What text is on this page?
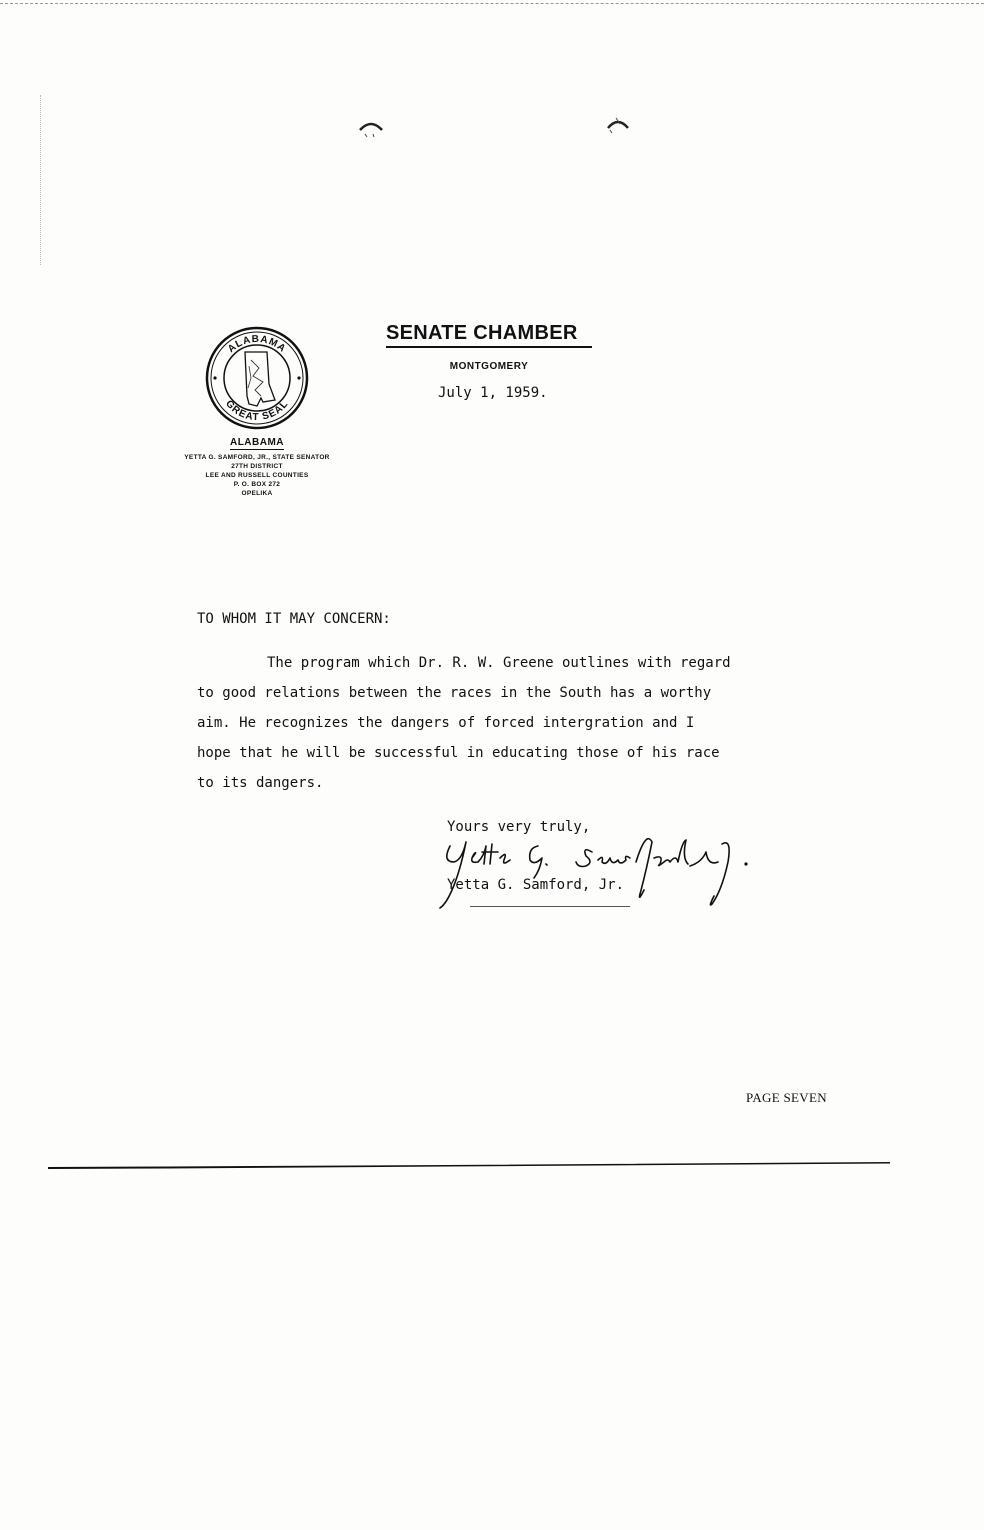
ALABAMA
GREAT SEAL
ALABAMA
YETTA G. SAMFORD, JR., STATE SENATOR
27TH DISTRICT
LEE AND RUSSELL COUNTIES
P. O. BOX 272
OPELIKA
SENATE CHAMBER
MONTGOMERY
July 1, 1959.
TO WHOM IT MAY CONCERN:
The program which Dr. R. W. Greene outlines with regard
to good relations between the races in the South has a worthy
aim. He recognizes the dangers of forced intergration and I
hope that he will be successful in educating those of his race
to its dangers.
Yours very truly,
Yetta G. Samford, Jr.
PAGE SEVEN
